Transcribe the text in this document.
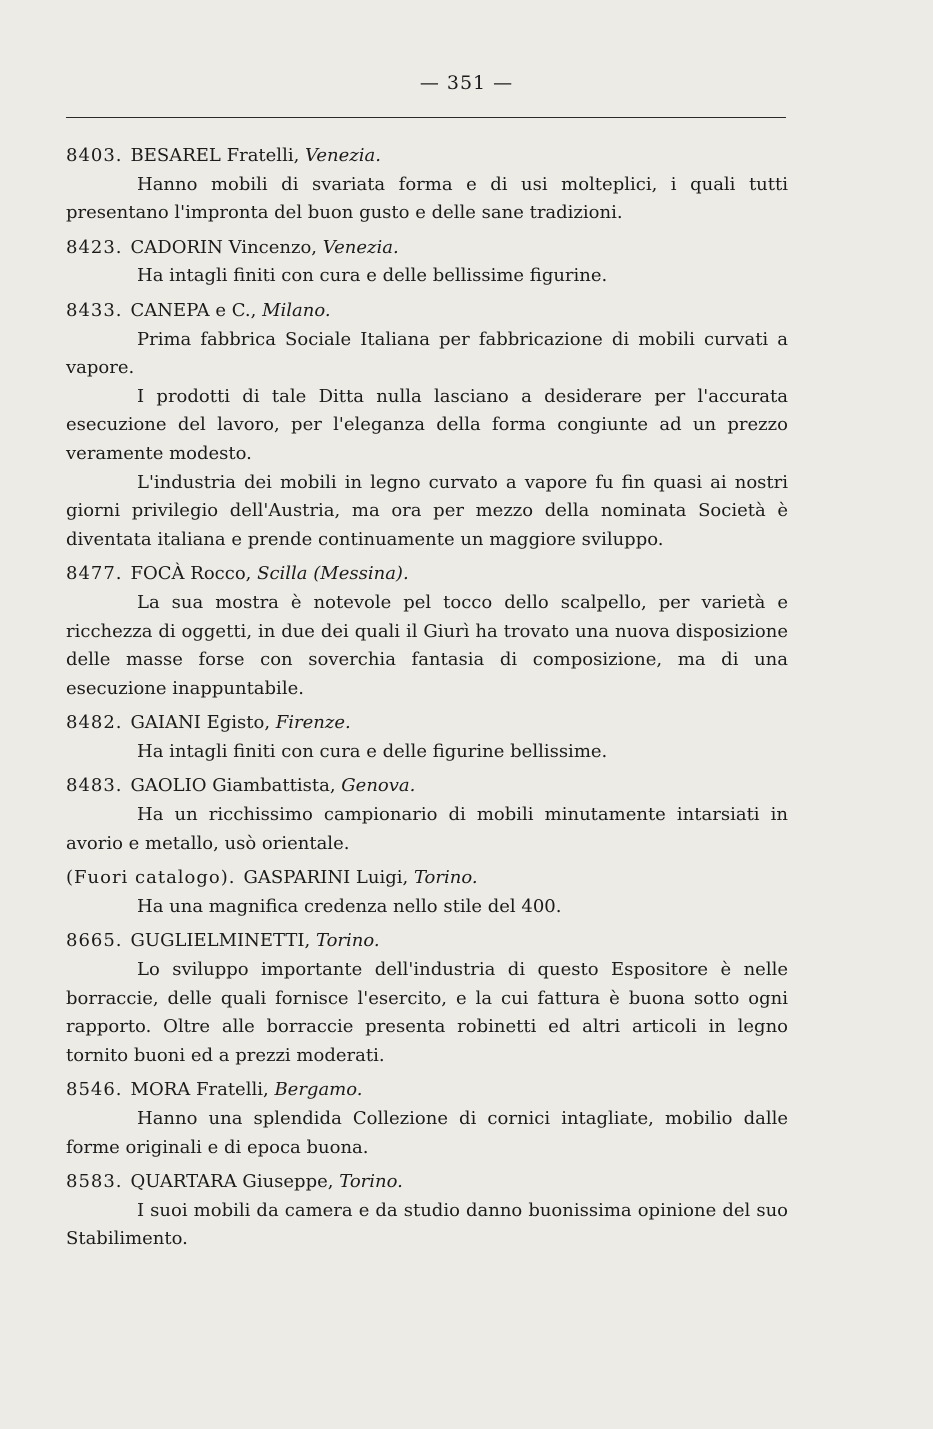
— 351 —
8403. BESAREL Fratelli, Venezia.

Hanno mobili di svariata forma e di usi molteplici, i quali tutti presentano l'impronta del buon gusto e delle sane tradizioni.

8423. CADORIN Vincenzo, Venezia.

Ha intagli finiti con cura e delle bellissime figurine.

8433. CANEPA e C., Milano.

Prima fabbrica Sociale Italiana per fabbricazione di mobili curvati a vapore.

I prodotti di tale Ditta nulla lasciano a desiderare per l'accurata esecuzione del lavoro, per l'eleganza della forma congiunte ad un prezzo veramente modesto.

L'industria dei mobili in legno curvato a vapore fu fin quasi ai nostri giorni privilegio dell'Austria, ma ora per mezzo della nominata Società è diventata italiana e prende continuamente un maggiore sviluppo.

8477. FOCÀ Rocco, Scilla (Messina).

La sua mostra è notevole pel tocco dello scalpello, per varietà e ricchezza di oggetti, in due dei quali il Giurì ha trovato una nuova disposizione delle masse forse con soverchia fantasia di composizione, ma di una esecuzione inappuntabile.

8482. GAIANI Egisto, Firenze.

Ha intagli finiti con cura e delle figurine bellissime.

8483. GAOLIO Giambattista, Genova.

Ha un ricchissimo campionario di mobili minutamente intarsiati in avorio e metallo, usò orientale.

(Fuori catalogo). GASPARINI Luigi, Torino.

Ha una magnifica credenza nello stile del 400.

8665. GUGLIELMINETTI, Torino.

Lo sviluppo importante dell'industria di questo Espositore è nelle borraccie, delle quali fornisce l'esercito, e la cui fattura è buona sotto ogni rapporto. Oltre alle borraccie presenta robinetti ed altri articoli in legno tornito buoni ed a prezzi moderati.

8546. MORA Fratelli, Bergamo.

Hanno una splendida Collezione di cornici intagliate, mobilio dalle forme originali e di epoca buona.

8583. QUARTARA Giuseppe, Torino.

I suoi mobili da camera e da studio danno buonissima opinione del suo Stabilimento.
